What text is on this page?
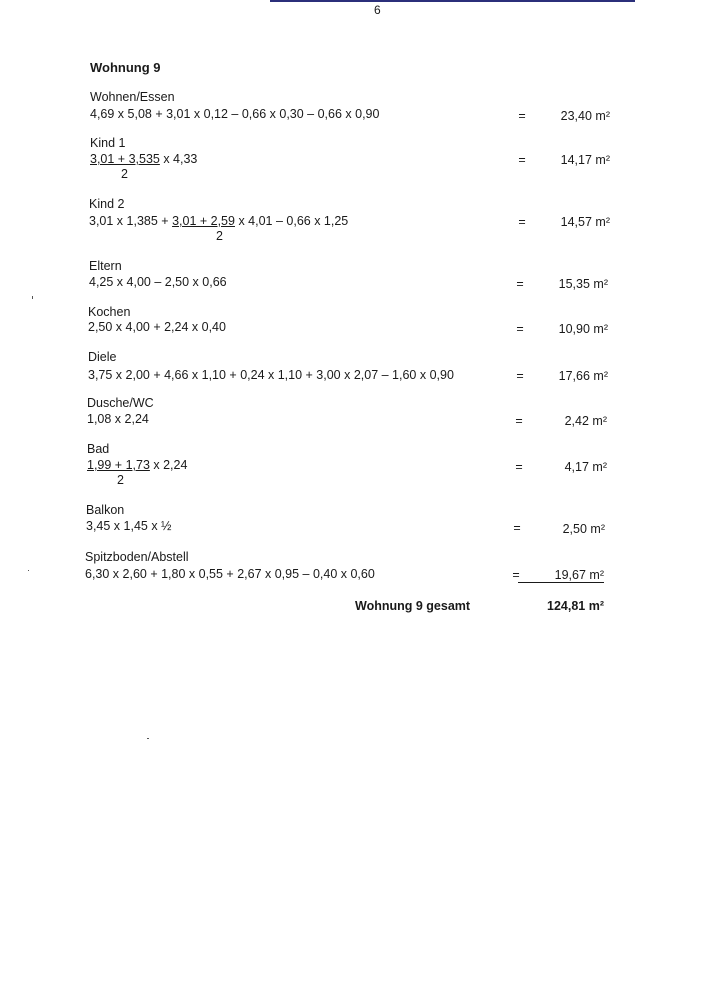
6
Wohnung 9
Wohnen/Essen
4,69 x 5,08 + 3,01 x 0,12 – 0,66 x 0,30 – 0,66 x 0,90	=	23,40 m²
Kind 1
3,01 + 3,535 x 4,33
2
=	14,17 m²
Kind 2
3,01 x 1,385 + 3,01 + 2,59 x 4,01 – 0,66 x 1,25
2
=	14,57 m²
Eltern
4,25 x 4,00 – 2,50 x 0,66	=	15,35 m²
Kochen
2,50 x 4,00 + 2,24 x 0,40	=	10,90 m²
Diele
3,75 x 2,00 + 4,66 x 1,10 + 0,24 x 1,10 + 3,00 x 2,07 – 1,60 x 0,90	=	17,66 m²
Dusche/WC
1,08 x 2,24	=	2,42 m²
Bad
1,99 + 1,73 x 2,24
2
=	4,17 m²
Balkon
3,45 x 1,45 x ½	=	2,50 m²
Spitzboden/Abstell
6,30 x 2,60 + 1,80 x 0,55 + 2,67 x 0,95 – 0,40 x 0,60	=	19,67 m²
Wohnung 9 gesamt	124,81 m²
